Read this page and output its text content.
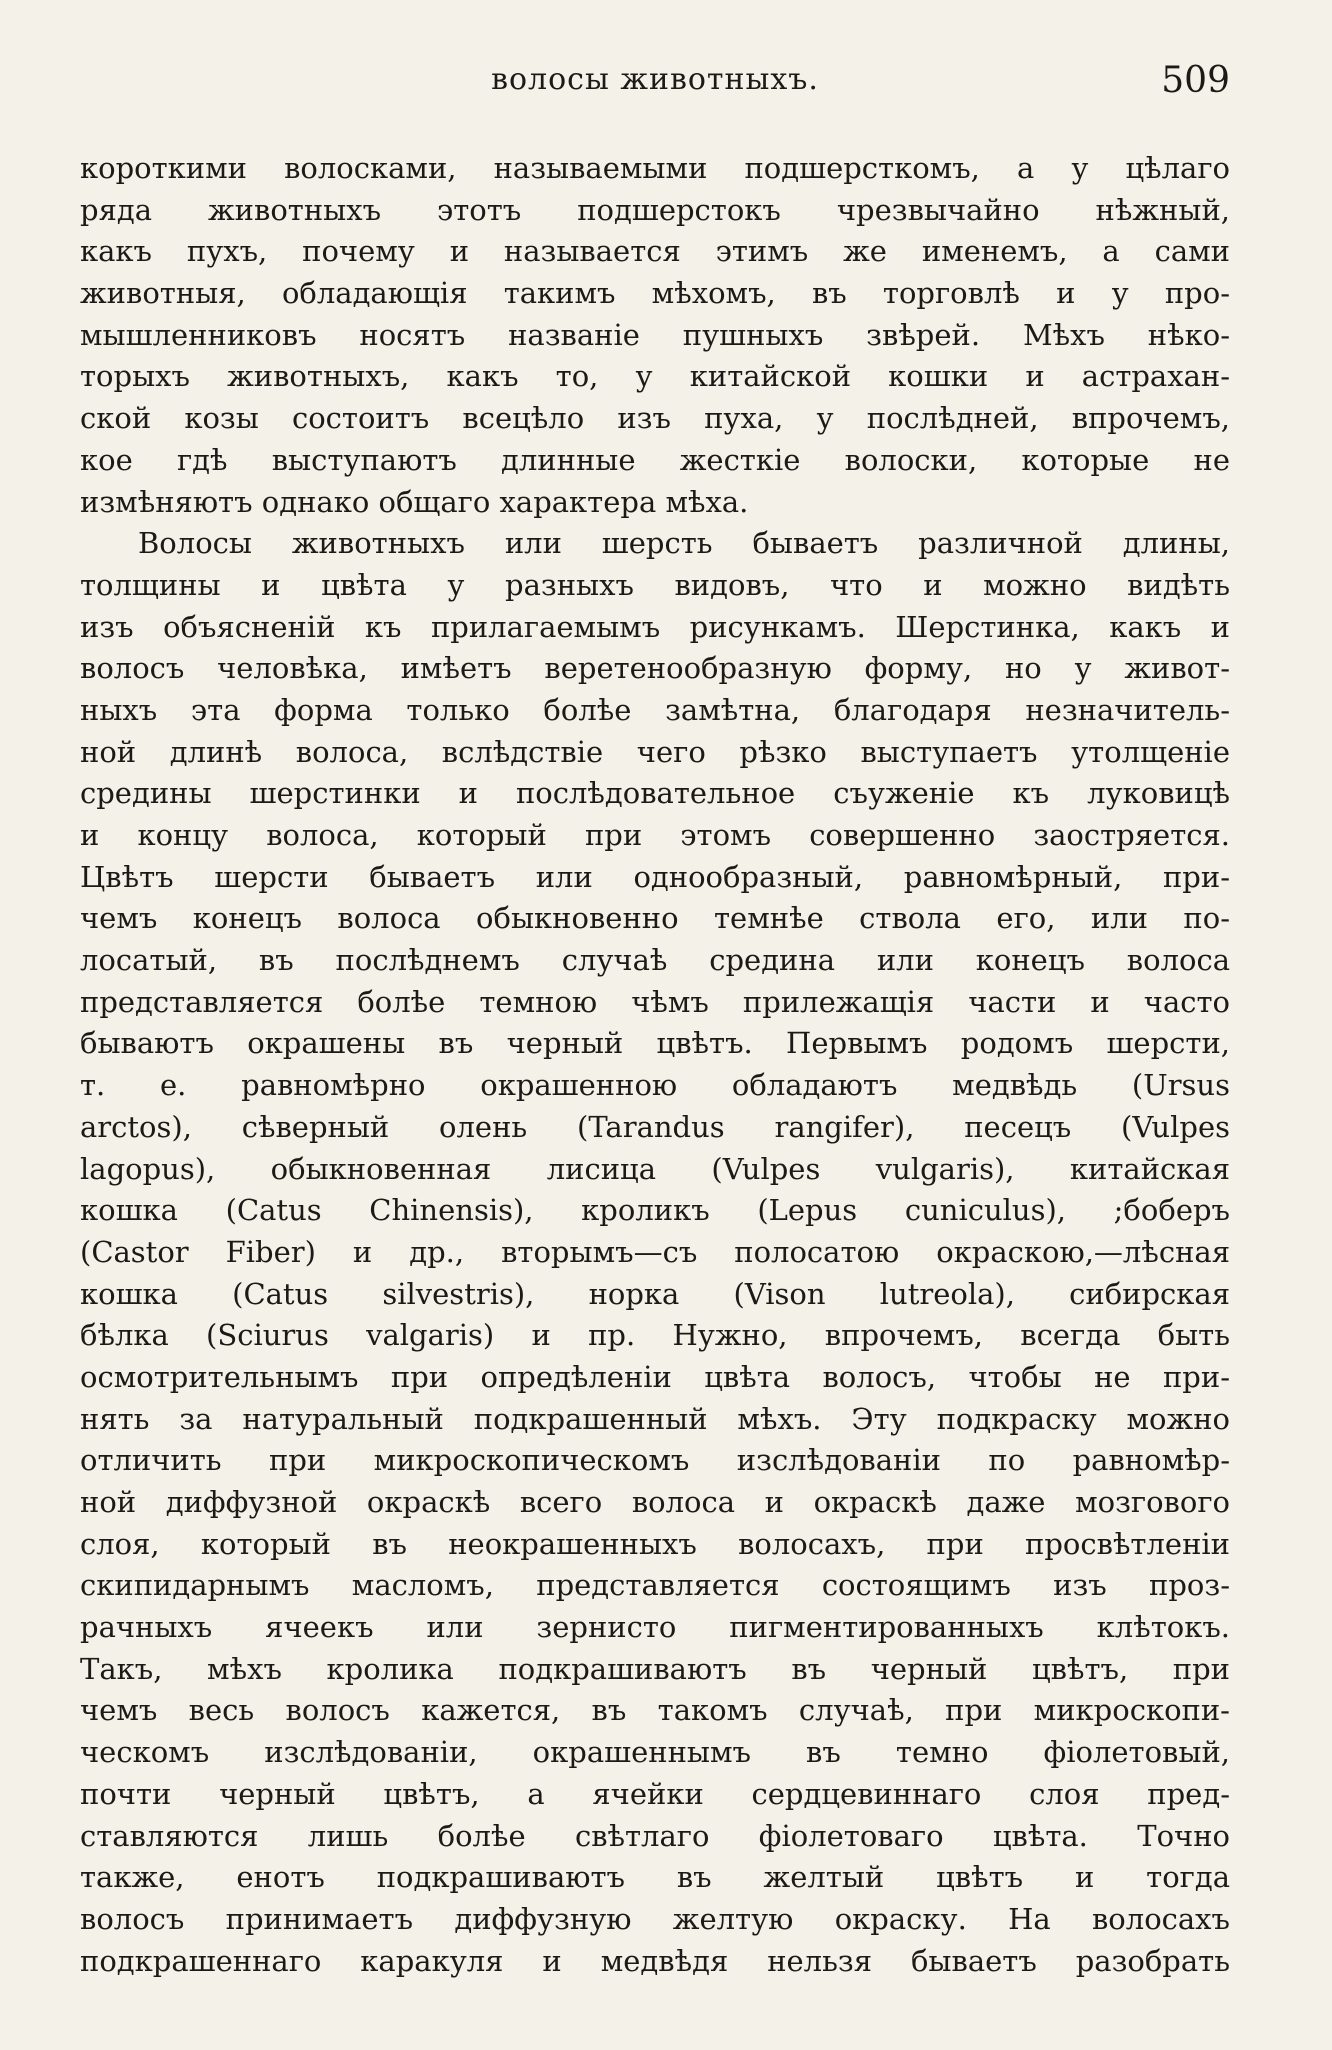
волосы животныхъ.	509
короткими волосками, называемыми подшерсткомъ, а у цѣлаго
ряда животныхъ этотъ подшерстокъ чрезвычайно нѣжный,
какъ пухъ, почему и называется этимъ же именемъ, а сами
животныя, обладающія такимъ мѣхомъ, въ торговлѣ и у про-
мышленниковъ носятъ названіе пушныхъ звѣрей. Мѣхъ нѣко-
торыхъ животныхъ, какъ то, у китайской кошки и астрахан-
ской козы состоитъ всецѣло изъ пуха, у послѣдней, впрочемъ,
кое гдѣ выступаютъ длинные жесткіе волоски, которые не
измѣняютъ однако общаго характера мѣха.
Волосы животныхъ или шерсть бываетъ различной длины,
толщины и цвѣта у разныхъ видовъ, что и можно видѣть
изъ объясненій къ прилагаемымъ рисункамъ. Шерстинка, какъ и
волосъ человѣка, имѣетъ веретенообразную форму, но у живот-
ныхъ эта форма только болѣе замѣтна, благодаря незначитель-
ной длинѣ волоса, вслѣдствіе чего рѣзко выступаетъ утолщеніе
средины шерстинки и послѣдовательное съуженіе къ луковицѣ
и концу волоса, который при этомъ совершенно заостряется.
Цвѣтъ шерсти бываетъ или однообразный, равномѣрный, при-
чемъ конецъ волоса обыкновенно темнѣе ствола его, или по-
лосатый, въ послѣднемъ случаѣ средина или конецъ волоса
представляется болѣе темною чѣмъ прилежащія части и часто
бываютъ окрашены въ черный цвѣтъ. Первымъ родомъ шерсти,
т. е. равномѣрно окрашенною обладаютъ медвѣдь (Ursus
arctos), сѣверный олень (Tarandus rangifer), песецъ (Vulpes
lagopus), обыкновенная лисица (Vulpes vulgaris), китайская
кошка (Catus Chinensis), кроликъ (Lepus cuniculus), ;боберъ
(Castor Fiber) и др., вторымъ—съ полосатою окраскою,—лѣсная
кошка (Catus silvestris), норка (Vison lutreola), сибирская
бѣлка (Sciurus valgaris) и пр. Нужно, впрочемъ, всегда быть
осмотрительнымъ при опредѣленіи цвѣта волосъ, чтобы не при-
нять за натуральный подкрашенный мѣхъ. Эту подкраску можно
отличить при микроскопическомъ изслѣдованіи по равномѣр-
ной диффузной окраскѣ всего волоса и окраскѣ даже мозгового
слоя, который въ неокрашенныхъ волосахъ, при просвѣтленіи
скипидарнымъ масломъ, представляется состоящимъ изъ проз-
рачныхъ ячеекъ или зернисто пигментированныхъ клѣтокъ.
Такъ, мѣхъ кролика подкрашиваютъ въ черный цвѣтъ, при
чемъ весь волосъ кажется, въ такомъ случаѣ, при микроскопи-
ческомъ изслѣдованіи, окрашеннымъ въ темно фіолетовый,
почти черный цвѣтъ, а ячейки сердцевиннаго слоя пред-
ставляются лишь болѣе свѣтлаго фіолетоваго цвѣта. Точно
также, енотъ подкрашиваютъ въ желтый цвѣтъ и тогда
волосъ принимаетъ диффузную желтую окраску. На волосахъ
подкрашеннаго каракуля и медвѣдя нельзя бываетъ разобрать
